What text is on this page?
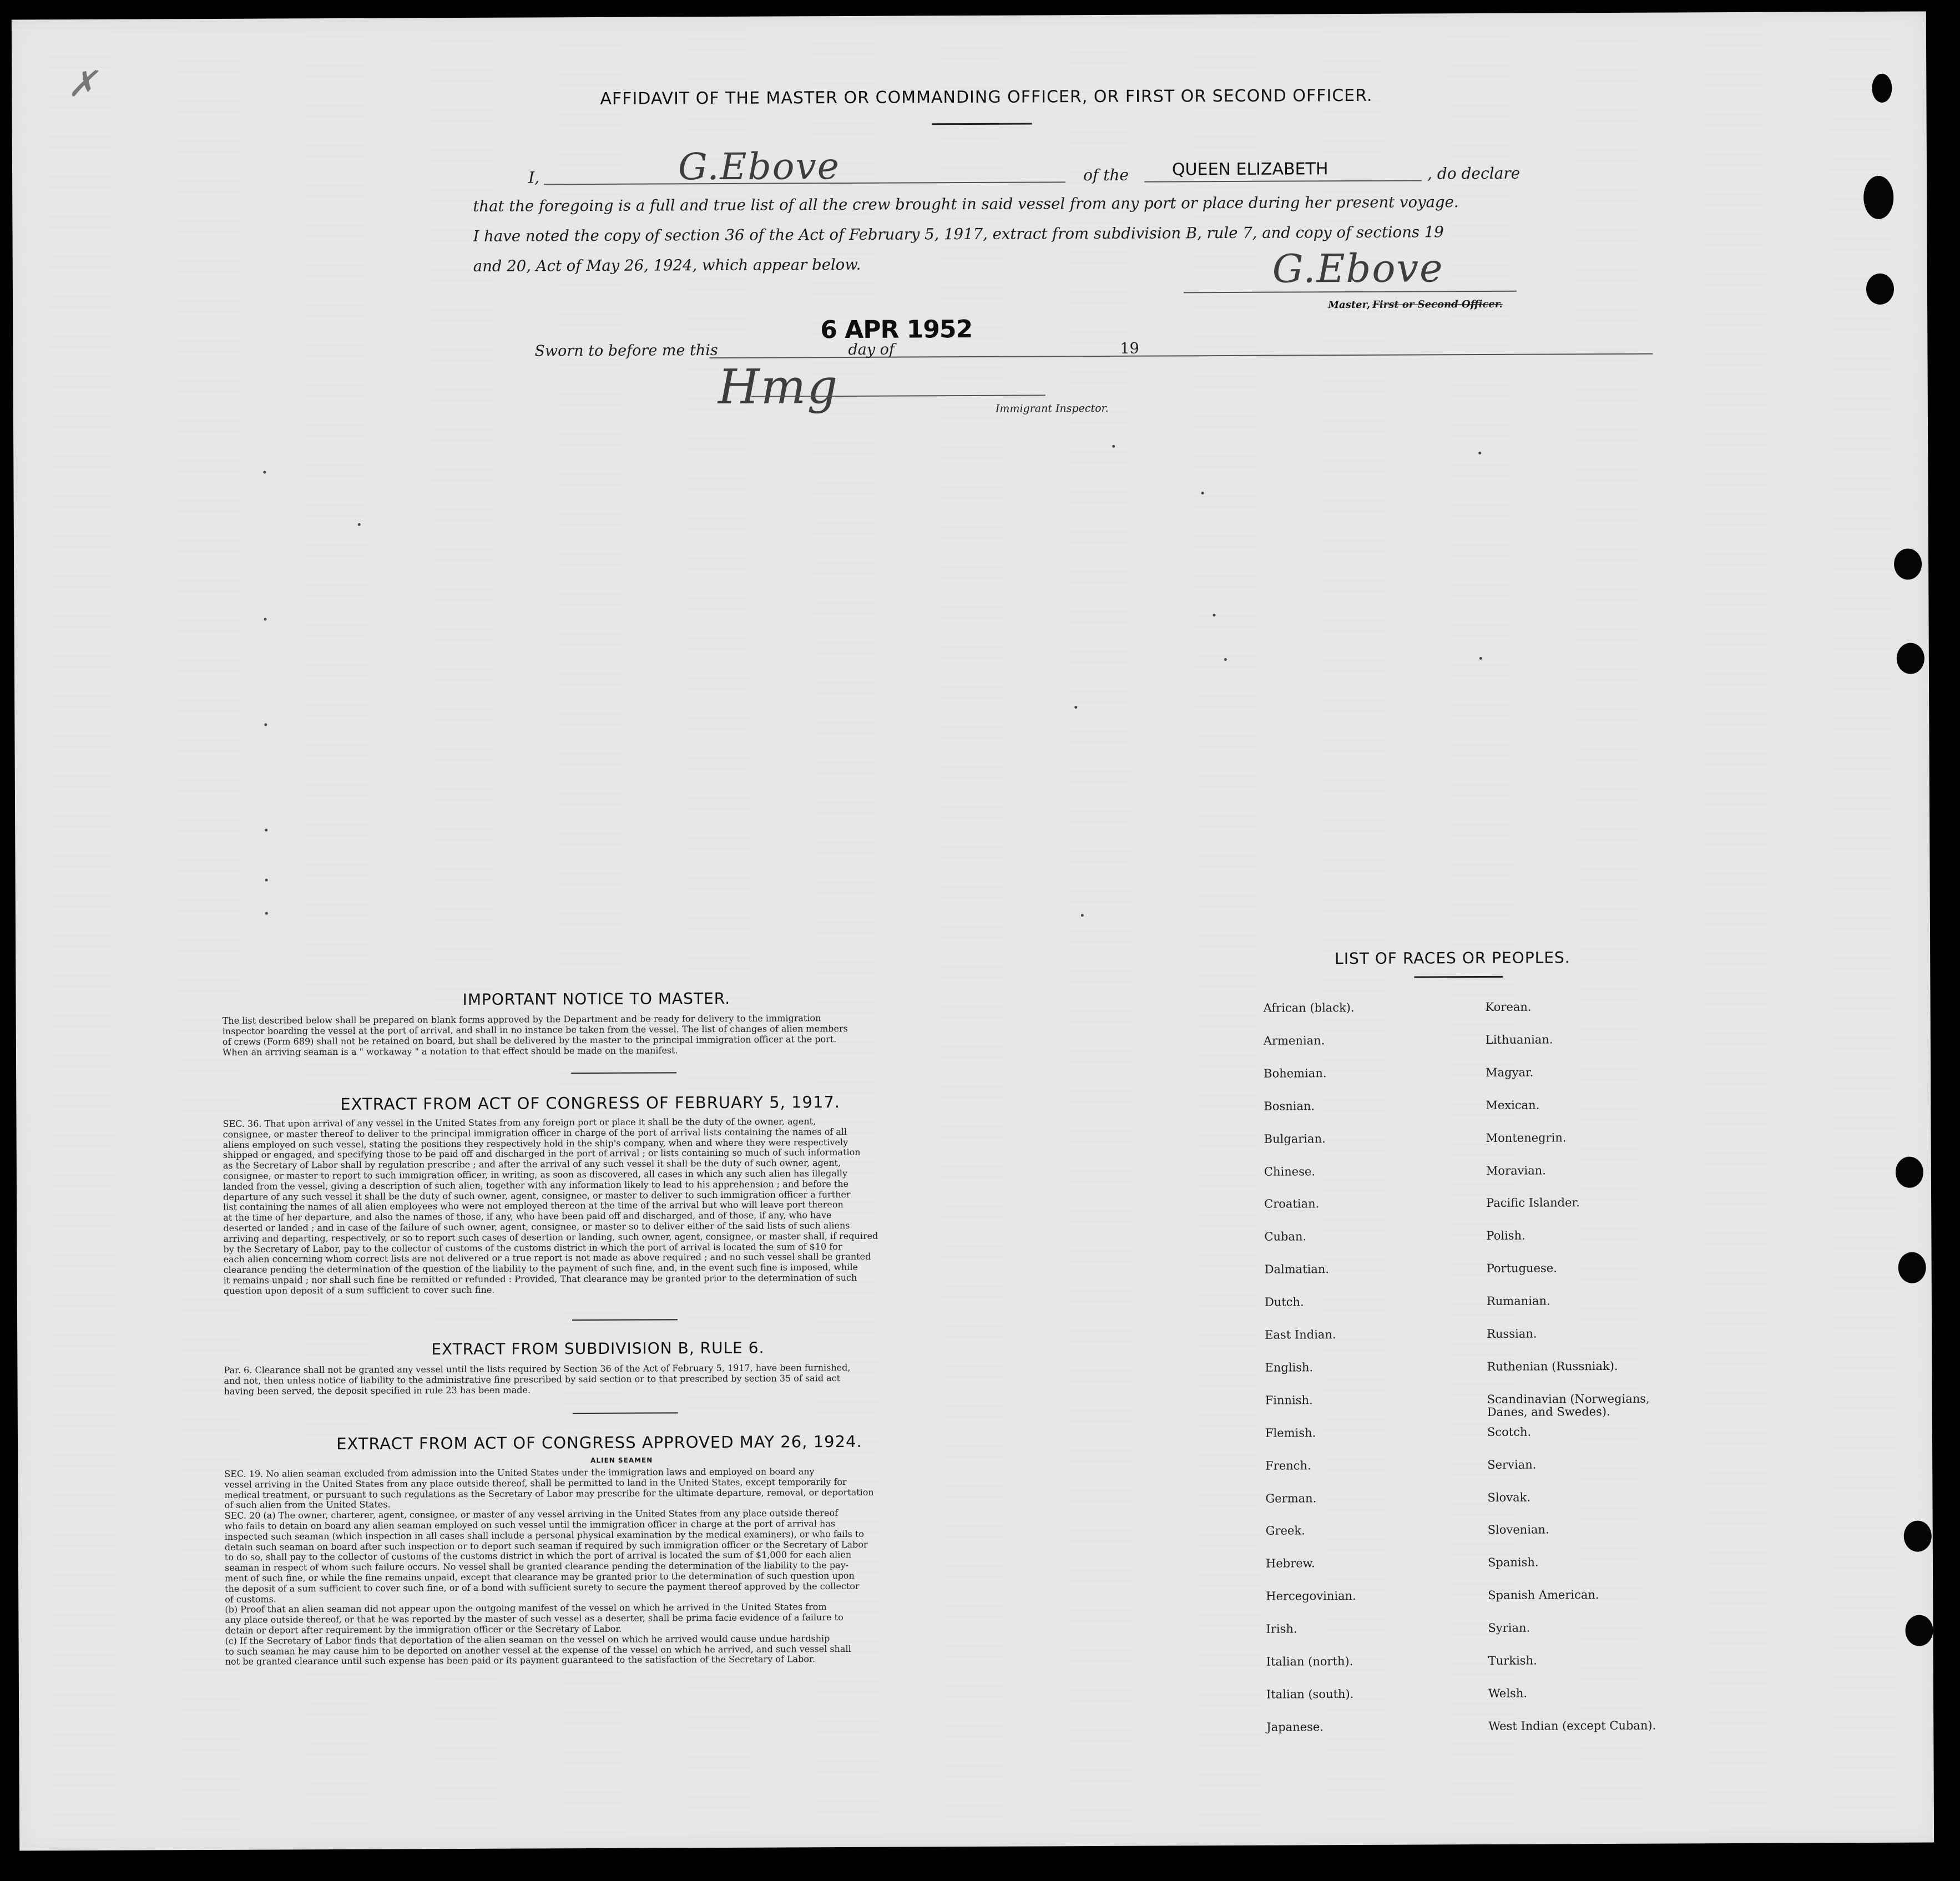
✗	AFFIDAVIT OF THE MASTER OR COMMANDING OFFICER, OR FIRST OR SECOND OFFICER.
I,	G.Ebove	of the	QUEEN ELIZABETH	, do declare
that the foregoing is a full and true list of all the crew brought in said vessel from any port or place during her present voyage.
I have noted the copy of section 36 of the Act of February 5, 1917, extract from subdivision B, rule 7, and copy of sections 19
and 20, Act of May 26, 1924, which appear below.	G.Ebove
Master, First or Second Officer.
Sworn to before me this
6 APR 1952
day of	19
Hmg	Immigrant Inspector.
IMPORTANT NOTICE TO MASTER.
The list described below shall be prepared on blank forms approved by the Department and be ready for delivery to the immigration
inspector boarding the vessel at the port of arrival, and shall in no instance be taken from the vessel. The list of changes of alien members
of crews (Form 689) shall not be retained on board, but shall be delivered by the master to the principal immigration officer at the port.
When an arriving seaman is a " workaway " a notation to that effect should be made on the manifest.
EXTRACT FROM ACT OF CONGRESS OF FEBRUARY 5, 1917.
SEC. 36. That upon arrival of any vessel in the United States from any foreign port or place it shall be the duty of the owner, agent,
consignee, or master thereof to deliver to the principal immigration officer in charge of the port of arrival lists containing the names of all
aliens employed on such vessel, stating the positions they respectively hold in the ship's company, when and where they were respectively
shipped or engaged, and specifying those to be paid off and discharged in the port of arrival ; or lists containing so much of such information
as the Secretary of Labor shall by regulation prescribe ; and after the arrival of any such vessel it shall be the duty of such owner, agent,
consignee, or master to report to such immigration officer, in writing, as soon as discovered, all cases in which any such alien has illegally
landed from the vessel, giving a description of such alien, together with any information likely to lead to his apprehension ; and before the
departure of any such vessel it shall be the duty of such owner, agent, consignee, or master to deliver to such immigration officer a further
list containing the names of all alien employees who were not employed thereon at the time of the arrival but who will leave port thereon
at the time of her departure, and also the names of those, if any, who have been paid off and discharged, and of those, if any, who have
deserted or landed ; and in case of the failure of such owner, agent, consignee, or master so to deliver either of the said lists of such aliens
arriving and departing, respectively, or so to report such cases of desertion or landing, such owner, agent, consignee, or master shall, if required
by the Secretary of Labor, pay to the collector of customs of the customs district in which the port of arrival is located the sum of $10 for
each alien concerning whom correct lists are not delivered or a true report is not made as above required ; and no such vessel shall be granted
clearance pending the determination of the question of the liability to the payment of such fine, and, in the event such fine is imposed, while
it remains unpaid ; nor shall such fine be remitted or refunded : Provided, That clearance may be granted prior to the determination of such
question upon deposit of a sum sufficient to cover such fine.
EXTRACT FROM SUBDIVISION B, RULE 6.
Par. 6. Clearance shall not be granted any vessel until the lists required by Section 36 of the Act of February 5, 1917, have been furnished,
and not, then unless notice of liability to the administrative fine prescribed by said section or to that prescribed by section 35 of said act
having been served, the deposit specified in rule 23 has been made.
EXTRACT FROM ACT OF CONGRESS APPROVED MAY 26, 1924.
ALIEN SEAMEN
SEC. 19. No alien seaman excluded from admission into the United States under the immigration laws and employed on board any
vessel arriving in the United States from any place outside thereof, shall be permitted to land in the United States, except temporarily for
medical treatment, or pursuant to such regulations as the Secretary of Labor may prescribe for the ultimate departure, removal, or deportation
of such alien from the United States.
SEC. 20 (a) The owner, charterer, agent, consignee, or master of any vessel arriving in the United States from any place outside thereof
who fails to detain on board any alien seaman employed on such vessel until the immigration officer in charge at the port of arrival has
inspected such seaman (which inspection in all cases shall include a personal physical examination by the medical examiners), or who fails to
detain such seaman on board after such inspection or to deport such seaman if required by such immigration officer or the Secretary of Labor
to do so, shall pay to the collector of customs of the customs district in which the port of arrival is located the sum of $1,000 for each alien
seaman in respect of whom such failure occurs. No vessel shall be granted clearance pending the determination of the liability to the pay-
ment of such fine, or while the fine remains unpaid, except that clearance may be granted prior to the determination of such question upon
the deposit of a sum sufficient to cover such fine, or of a bond with sufficient surety to secure the payment thereof approved by the collector
of customs.
(b) Proof that an alien seaman did not appear upon the outgoing manifest of the vessel on which he arrived in the United States from
any place outside thereof, or that he was reported by the master of such vessel as a deserter, shall be prima facie evidence of a failure to
detain or deport after requirement by the immigration officer or the Secretary of Labor.
(c) If the Secretary of Labor finds that deportation of the alien seaman on the vessel on which he arrived would cause undue hardship
to such seaman he may cause him to be deported on another vessel at the expense of the vessel on which he arrived, and such vessel shall
not be granted clearance until such expense has been paid or its payment guaranteed to the satisfaction of the Secretary of Labor.
LIST OF RACES OR PEOPLES.
African (black).
Armenian.
Bohemian.
Bosnian.
Bulgarian.
Chinese.
Croatian.
Cuban.
Dalmatian.
Dutch.
East Indian.
English.
Finnish.
Flemish.
French.
German.
Greek.
Hebrew.
Hercegovinian.
Irish.
Italian (north).
Italian (south).
Japanese.
Korean.
Lithuanian.
Magyar.
Mexican.
Montenegrin.
Moravian.
Pacific Islander.
Polish.
Portuguese.
Rumanian.
Russian.
Ruthenian (Russniak).
Scandinavian (Norwegians,
Danes, and Swedes).
Scotch.
Servian.
Slovak.
Slovenian.
Spanish.
Spanish American.
Syrian.
Turkish.
Welsh.
West Indian (except Cuban).
